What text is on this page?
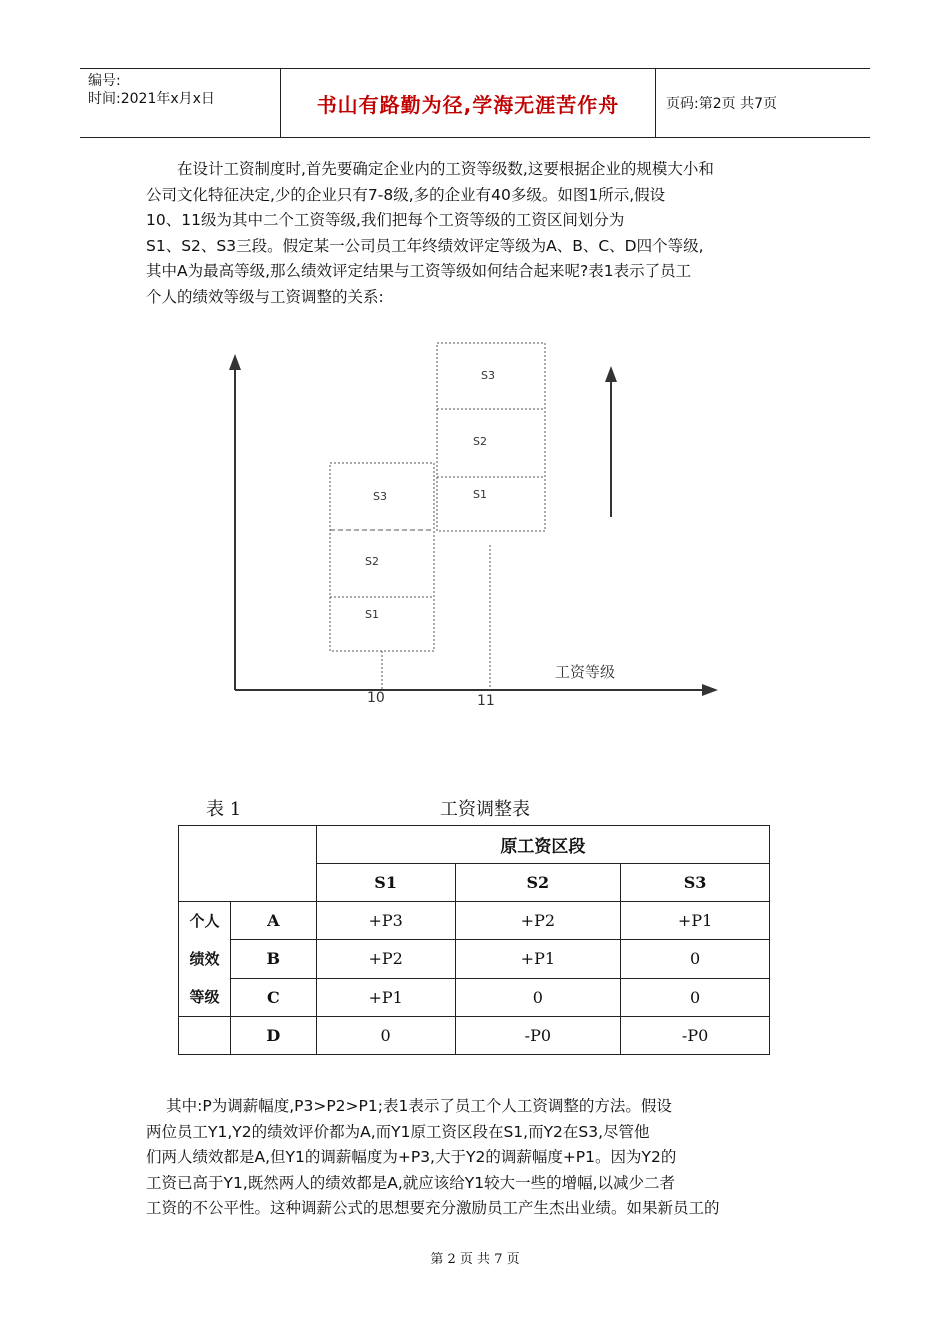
编号:
时间:2021年x月x日	书山有路勤为径,学海无涯苦作舟	页码:第2页 共7页

在设计工资制度时,首先要确定企业内的工资等级数,这要根据企业的规模大小和

公司文化特征决定,少的企业只有7-8级,多的企业有40多级。如图1所示,假设

10、11级为其中二个工资等级,我们把每个工资等级的工资区间划分为

S1、S2、S3三段。假定某一公司员工年终绩效评定等级为A、B、C、D四个等级,

其中A为最高等级,那么绩效评定结果与工资等级如何结合起来呢?表1表示了员工

个人的绩效等级与工资调整的关系:

工资等级
S3
S2
S1
10
S3
S2
S1
11
表 1	工资调整表
		原工资区段		
		S1	S2	S3

个人
绩效
等级	A	+P3	+P2	+P1
	B	+P2	+P1	0
	C	+P1	0	0
	D	0	-P0	-P0

其中:P为调薪幅度,P3>P2>P1;表1表示了员工个人工资调整的方法。假设

两位员工Y1,Y2的绩效评价都为A,而Y1原工资区段在S1,而Y2在S3,尽管他

们两人绩效都是A,但Y1的调薪幅度为+P3,大于Y2的调薪幅度+P1。因为Y2的

工资已高于Y1,既然两人的绩效都是A,就应该给Y1较大一些的增幅,以减少二者

工资的不公平性。这种调薪公式的思想要充分激励员工产生杰出业绩。如果新员工的

第 2 页 共 7 页
